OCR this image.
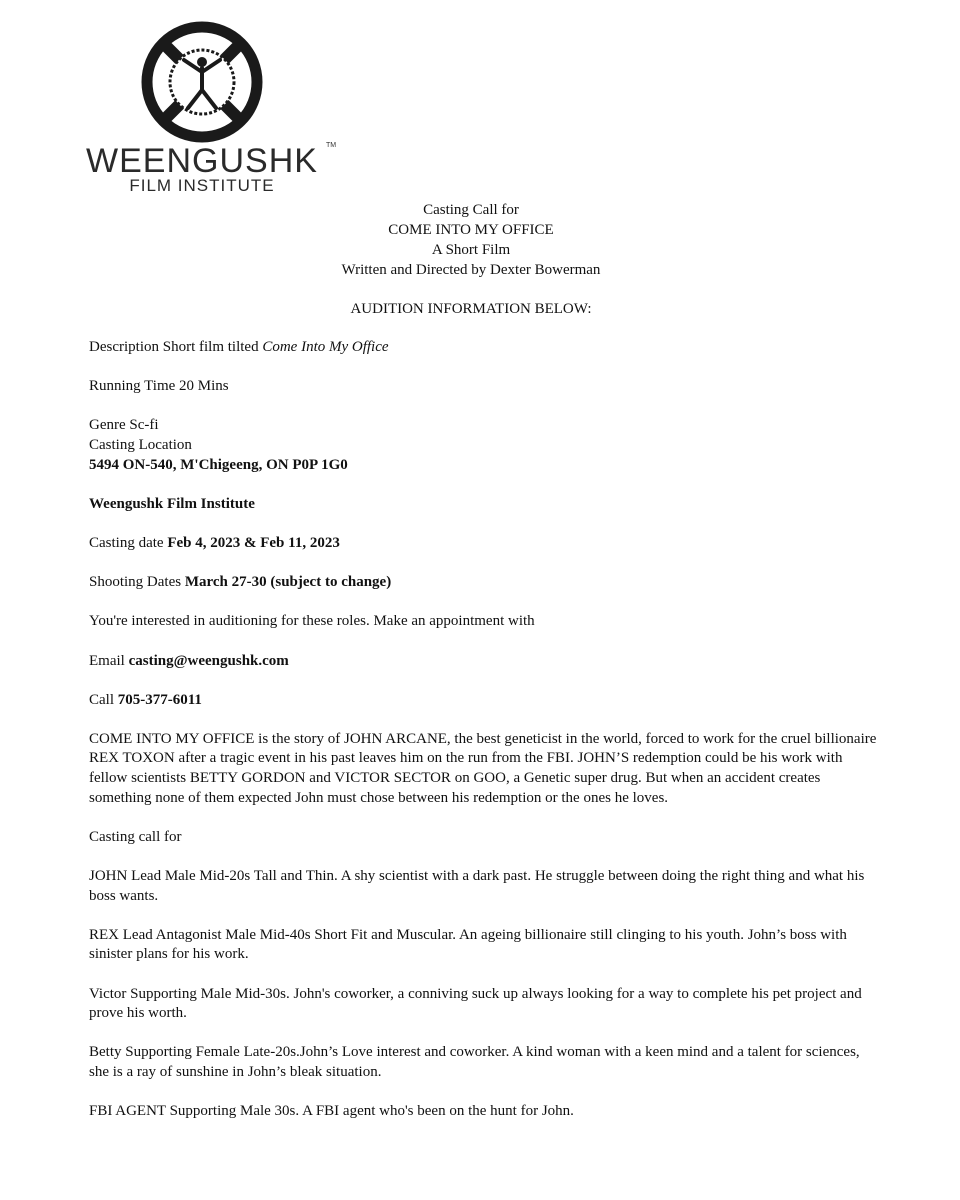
TM
WEENGUSHK
FILM INSTITUTE
Casting Call for
COME INTO MY OFFICE
A Short Film
Written and Directed by Dexter Bowerman
AUDITION INFORMATION BELOW:

Description Short film tilted Come Into My Office

Running Time 20 Mins

Genre Sc-fi
Casting Location
5494 ON-540, M'Chigeeng, ON P0P 1G0

Weengushk Film Institute

Casting date Feb 4, 2023 & Feb 11, 2023

Shooting Dates March 27-30 (subject to change)

You're interested in auditioning for these roles. Make an appointment with

Email casting@weengushk.com

Call 705-377-6011

COME INTO MY OFFICE is the story of JOHN ARCANE, the best geneticist in the world, forced to work for the cruel billionaire REX TOXON after a tragic event in his past leaves him on the run from the FBI. JOHN’S redemption could be his work with fellow scientists BETTY GORDON and VICTOR SECTOR on GOO, a Genetic super drug. But when an accident creates something none of them expected John must chose between his redemption or the ones he loves.

Casting call for

JOHN Lead Male Mid-20s Tall and Thin. A shy scientist with a dark past. He struggle between doing the right thing and what his boss wants.

REX Lead Antagonist Male Mid-40s Short Fit and Muscular. An ageing billionaire still clinging to his youth. John’s boss with sinister plans for his work.

Victor Supporting Male Mid-30s. John's coworker, a conniving suck up always looking for a way to complete his pet project and prove his worth.

Betty Supporting Female Late-20s.John’s Love interest and coworker. A kind woman with a keen mind and a talent for sciences, she is a ray of sunshine in John’s bleak situation.

FBI AGENT Supporting Male 30s. A FBI agent who's been on the hunt for John.
